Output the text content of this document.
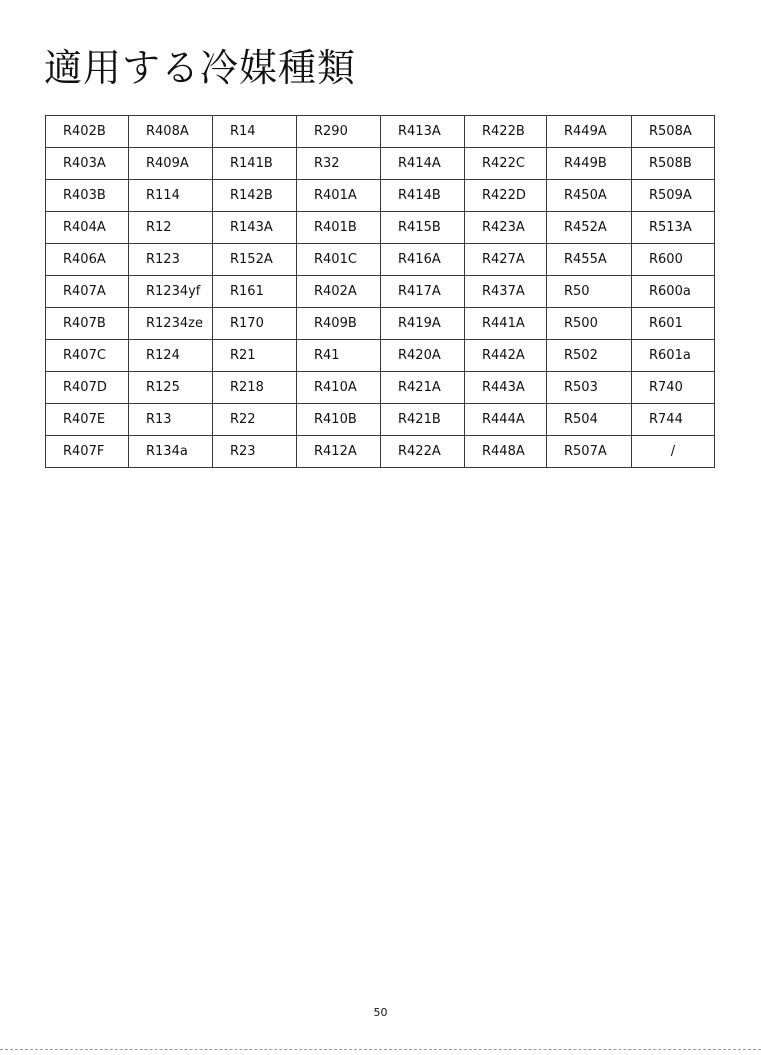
適用する冷媒種類
R402B	R408A	R14	R290	R413A	R422B	R449A	R508A
R403A	R409A	R141B	R32	R414A	R422C	R449B	R508B
R403B	R114	R142B	R401A	R414B	R422D	R450A	R509A
R404A	R12	R143A	R401B	R415B	R423A	R452A	R513A
R406A	R123	R152A	R401C	R416A	R427A	R455A	R600
R407A	R1234yf	R161	R402A	R417A	R437A	R50	R600a
R407B	R1234ze	R170	R409B	R419A	R441A	R500	R601
R407C	R124	R21	R41	R420A	R442A	R502	R601a
R407D	R125	R218	R410A	R421A	R443A	R503	R740
R407E	R13	R22	R410B	R421B	R444A	R504	R744
R407F	R134a	R23	R412A	R422A	R448A	R507A	/
50
